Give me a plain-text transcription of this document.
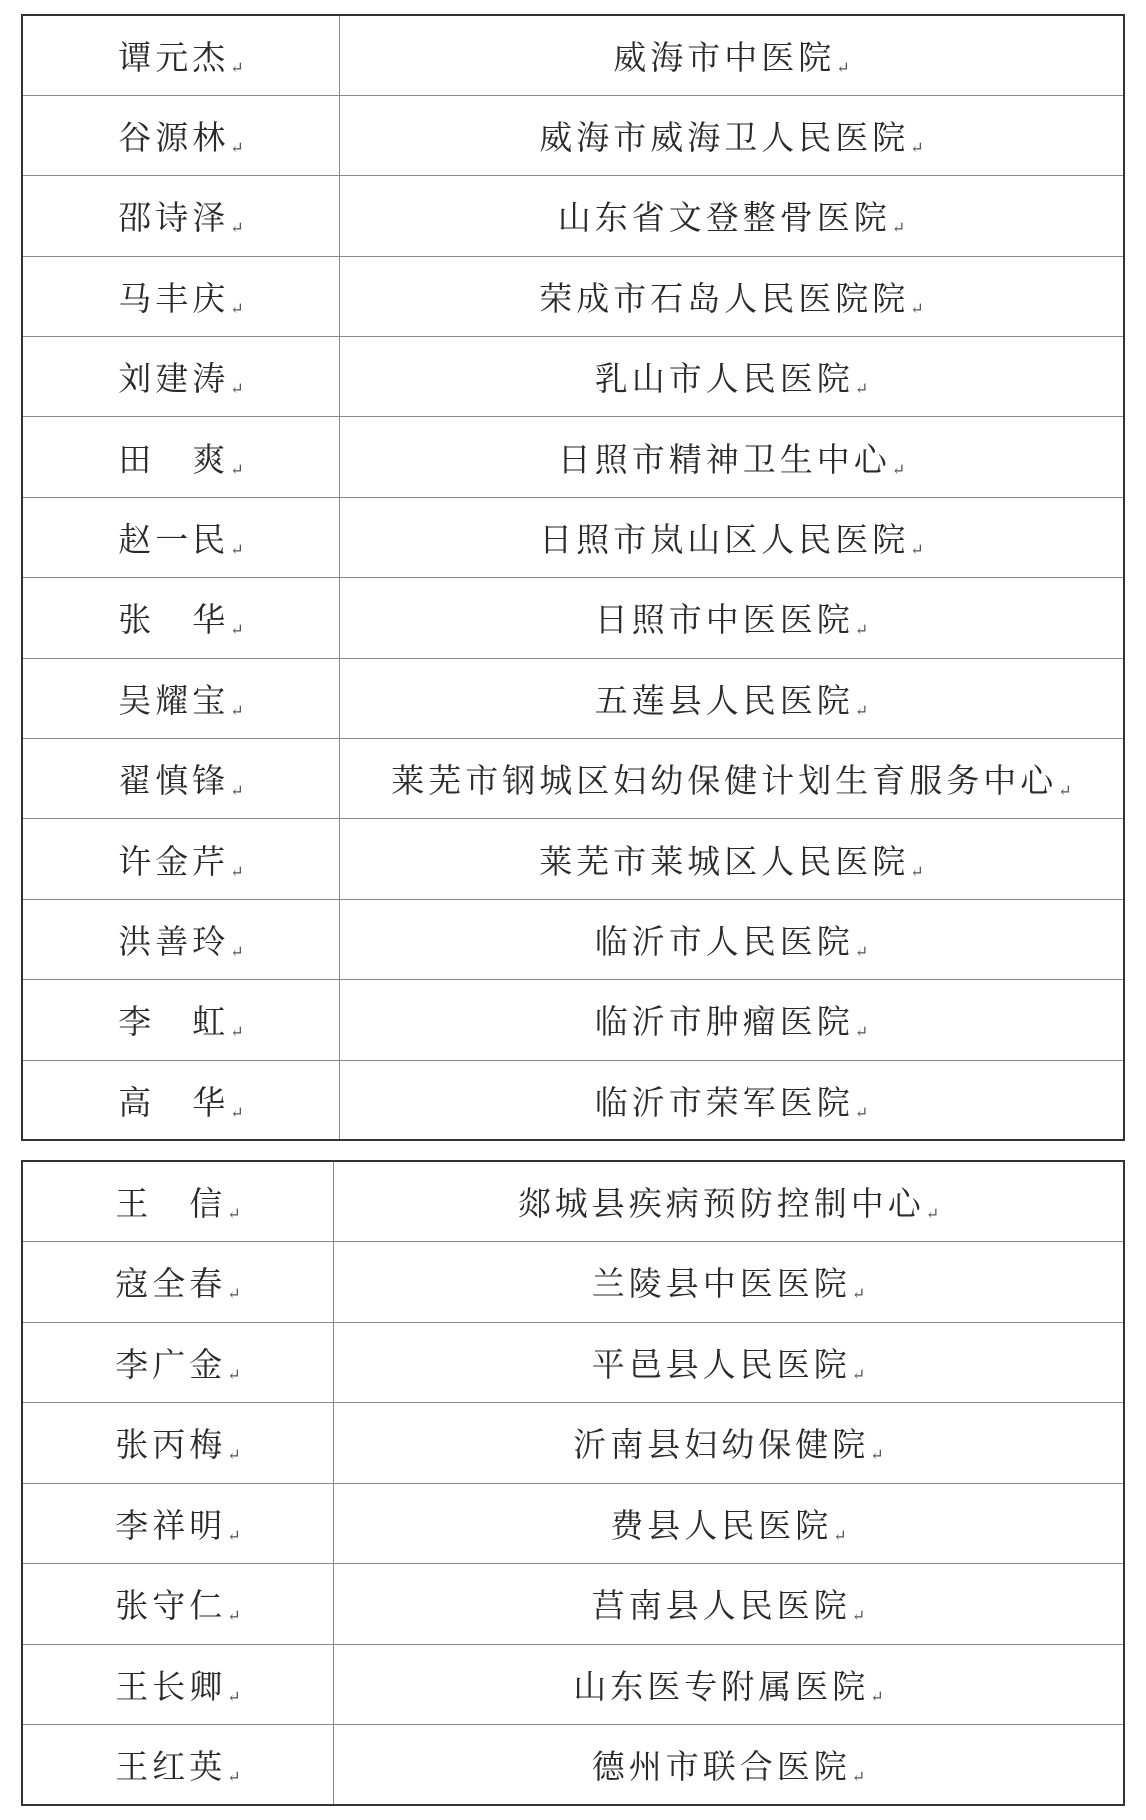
谭元杰↵	威海市中医院↵
谷源林↵	威海市威海卫人民医院↵
邵诗泽↵	山东省文登整骨医院↵
马丰庆↵	荣成市石岛人民医院院↵
刘建涛↵	乳山市人民医院↵
田　爽↵	日照市精神卫生中心↵
赵一民↵	日照市岚山区人民医院↵
张　华↵	日照市中医医院↵
吴耀宝↵	五莲县人民医院↵
翟慎锋↵	莱芜市钢城区妇幼保健计划生育服务中心↵
许金芹↵	莱芜市莱城区人民医院↵
洪善玲↵	临沂市人民医院↵
李　虹↵	临沂市肿瘤医院↵
高　华↵	临沂市荣军医院↵
王　信↵	郯城县疾病预防控制中心↵
寇全春↵	兰陵县中医医院↵
李广金↵	平邑县人民医院↵
张丙梅↵	沂南县妇幼保健院↵
李祥明↵	费县人民医院↵
张守仁↵	莒南县人民医院↵
王长卿↵	山东医专附属医院↵
王红英↵	德州市联合医院↵
